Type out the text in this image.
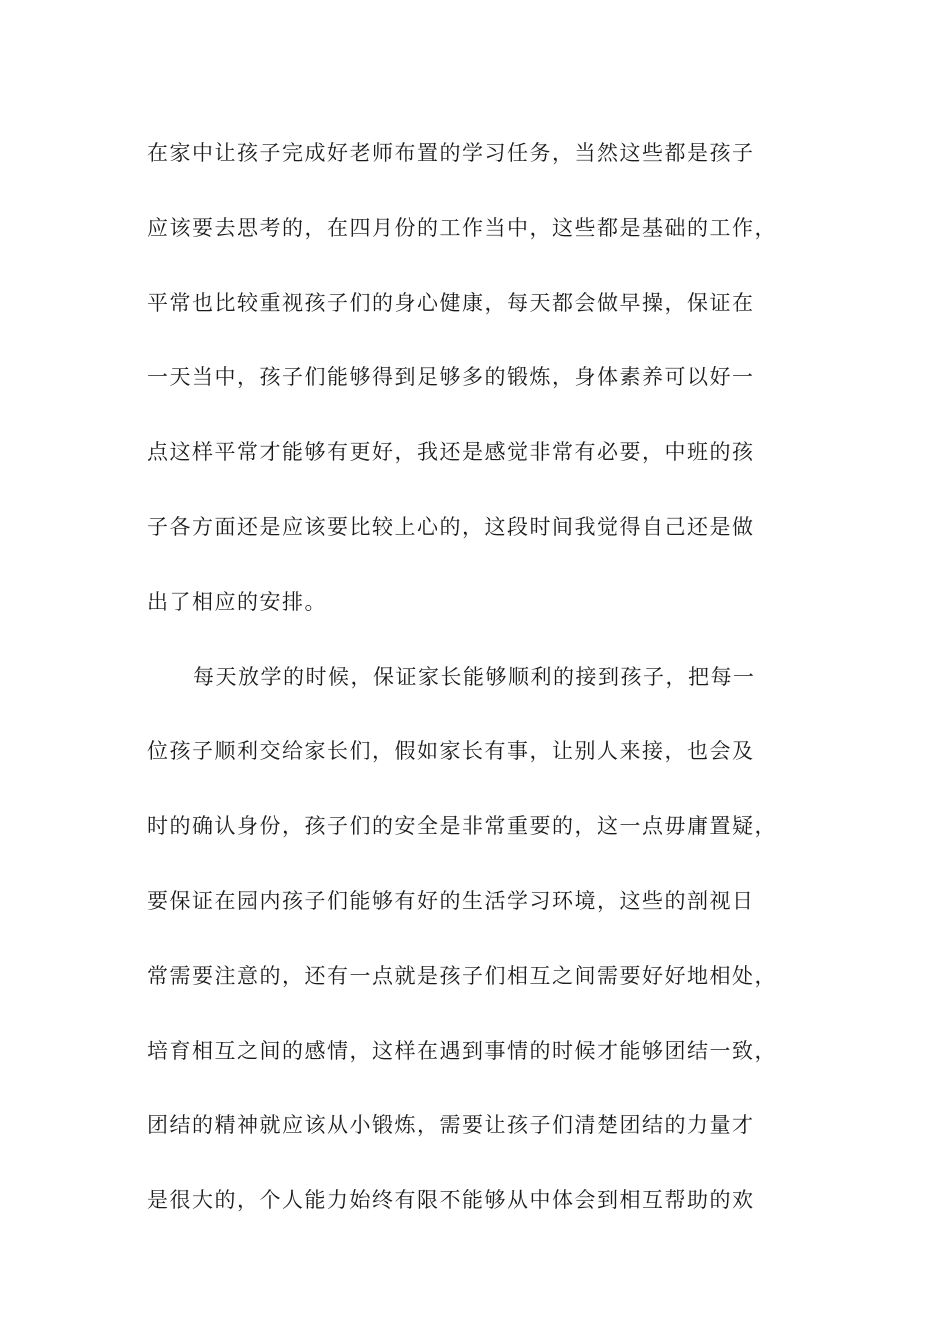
在家中让孩子完成好老师布置的学习任务，当然这些都是孩子
应该要去思考的，在四月份的工作当中，这些都是基础的工作，
平常也比较重视孩子们的身心健康，每天都会做早操，保证在
一天当中，孩子们能够得到足够多的锻炼，身体素养可以好一
点这样平常才能够有更好，我还是感觉非常有必要，中班的孩
子各方面还是应该要比较上心的，这段时间我觉得自己还是做
出了相应的安排。
每天放学的时候，保证家长能够顺利的接到孩子，把每一
位孩子顺利交给家长们，假如家长有事，让别人来接，也会及
时的确认身份，孩子们的安全是非常重要的，这一点毋庸置疑，
要保证在园内孩子们能够有好的生活学习环境，这些的剖视日
常需要注意的，还有一点就是孩子们相互之间需要好好地相处，
培育相互之间的感情，这样在遇到事情的时候才能够团结一致，
团结的精神就应该从小锻炼，需要让孩子们清楚团结的力量才
是很大的，个人能力始终有限不能够从中体会到相互帮助的欢
